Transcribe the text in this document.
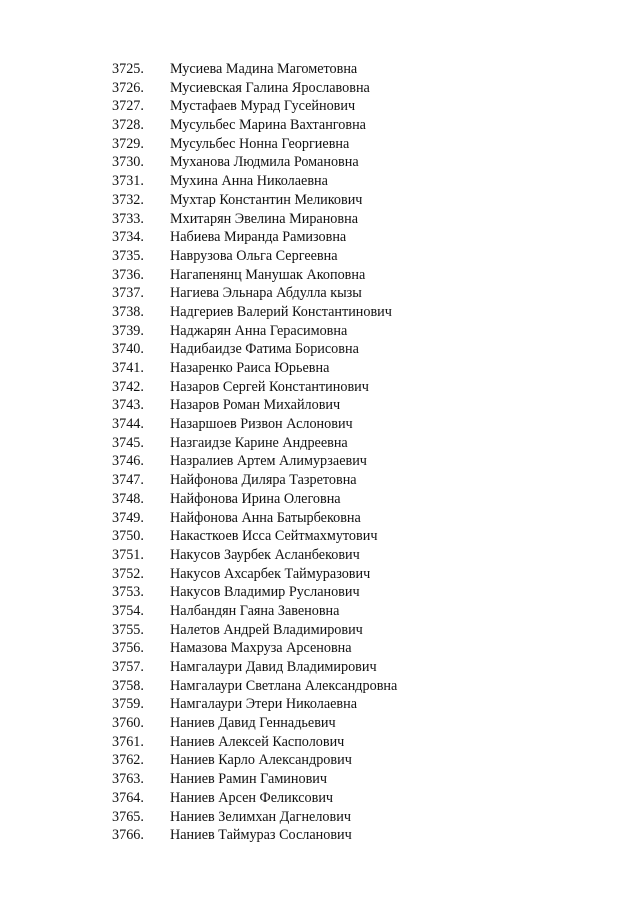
3725. Мусиева Мадина Магометовна
3726. Мусиевская Галина Ярославовна
3727. Мустафаев Мурад Гусейнович
3728. Мусульбес Марина Вахтанговна
3729. Мусульбес Нонна Георгиевна
3730. Муханова Людмила Романовна
3731. Мухина Анна Николаевна
3732. Мухтар Константин Меликович
3733. Мхитарян Эвелина Мирановна
3734. Набиева Миранда Рамизовна
3735. Наврузова Ольга Сергеевна
3736. Нагапенянц Манушак Акоповна
3737. Нагиева Эльнара Абдулла кызы
3738. Надгериев Валерий Константинович
3739. Наджарян Анна Герасимовна
3740. Надибаидзе Фатима Борисовна
3741. Назаренко Раиса Юрьевна
3742. Назаров Сергей Константинович
3743. Назаров Роман Михайлович
3744. Назаршоев Ризвон Аслонович
3745. Назгаидзе Карине Андреевна
3746. Назралиев Артем Алимурзаевич
3747. Найфонова Диляра Тазретовна
3748. Найфонова Ирина Олеговна
3749. Найфонова Анна Батырбековна
3750. Накасткоев Исса Сейтмахмутович
3751. Накусов Заурбек Асланбекович
3752. Накусов Ахсарбек Таймуразович
3753. Накусов Владимир Русланович
3754. Налбандян Гаяна Завеновна
3755. Налетов Андрей Владимирович
3756. Намазова Махруза Арсеновна
3757. Намгалаури Давид Владимирович
3758. Намгалаури Светлана Александровна
3759. Намгалаури Этери Николаевна
3760. Наниев Давид Геннадьевич
3761. Наниев Алексей Касполович
3762. Наниев Карло Александрович
3763. Наниев Рамин Гаминович
3764. Наниев Арсен Феликсович
3765. Наниев Зелимхан Дагнелович
3766. Наниев Таймураз Сосланович
